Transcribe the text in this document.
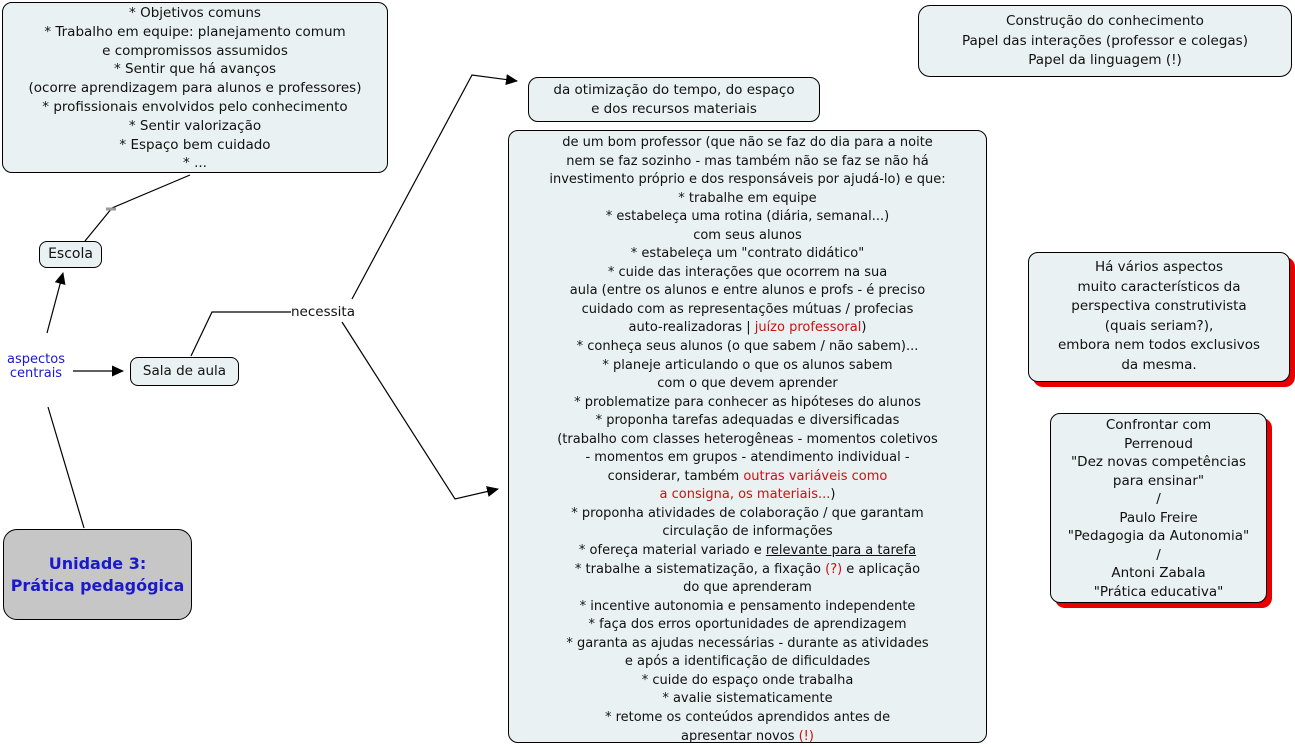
* Objetivos comuns
* Trabalho em equipe: planejamento comum
e compromissos assumidos
* Sentir que há avanços
(ocorre aprendizagem para alunos e professores)
* profissionais envolvidos pelo conhecimento
* Sentir valorização
* Espaço bem cuidado
* ...
Construção do conhecimento
Papel das interações (professor e colegas)
Papel da linguagem (!)
da otimização do tempo, do espaço
e dos recursos materiais
de um bom professor (que não se faz do dia para a noite
nem se faz sozinho - mas também não se faz se não há
investimento próprio e dos responsáveis por ajudá-lo) e que:
* trabalhe em equipe
* estabeleça uma rotina (diária, semanal...)
com seus alunos
* estabeleça um "contrato didático"
* cuide das interações que ocorrem na sua
aula (entre os alunos e entre alunos e profs - é preciso
cuidado com as representações mútuas / profecias
auto-realizadoras | juízo professoral)
* conheça seus alunos (o que sabem / não sabem)...
* planeje articulando o que os alunos sabem
com o que devem aprender
* problematize para conhecer as hipóteses do alunos
* proponha tarefas adequadas e diversificadas
(trabalho com classes heterogêneas - momentos coletivos
- momentos em grupos - atendimento individual -
considerar, também outras variáveis como
a consigna, os materiais...)
* proponha atividades de colaboração / que garantam
circulação de informações
* ofereça material variado e relevante para a tarefa
* trabalhe a sistematização, a fixação (?) e aplicação
do que aprenderam
* incentive autonomia e pensamento independente
* faça dos erros oportunidades de aprendizagem
* garanta as ajudas necessárias - durante as atividades
e após a identificação de dificuldades
* cuide do espaço onde trabalha
* avalie sistematicamente
* retome os conteúdos aprendidos antes de
apresentar novos (!)
Há vários aspectos
muito característicos da
perspectiva construtivista
(quais seriam?),
embora nem todos exclusivos
da mesma.
Confrontar com
Perrenoud
"Dez novas competências
para ensinar"
/
Paulo Freire
"Pedagogia da Autonomia"
/
Antoni Zabala
"Prática educativa"
Unidade 3:
Prática pedagógica
Escola
Sala de aula
aspectos
centrais
necessita
